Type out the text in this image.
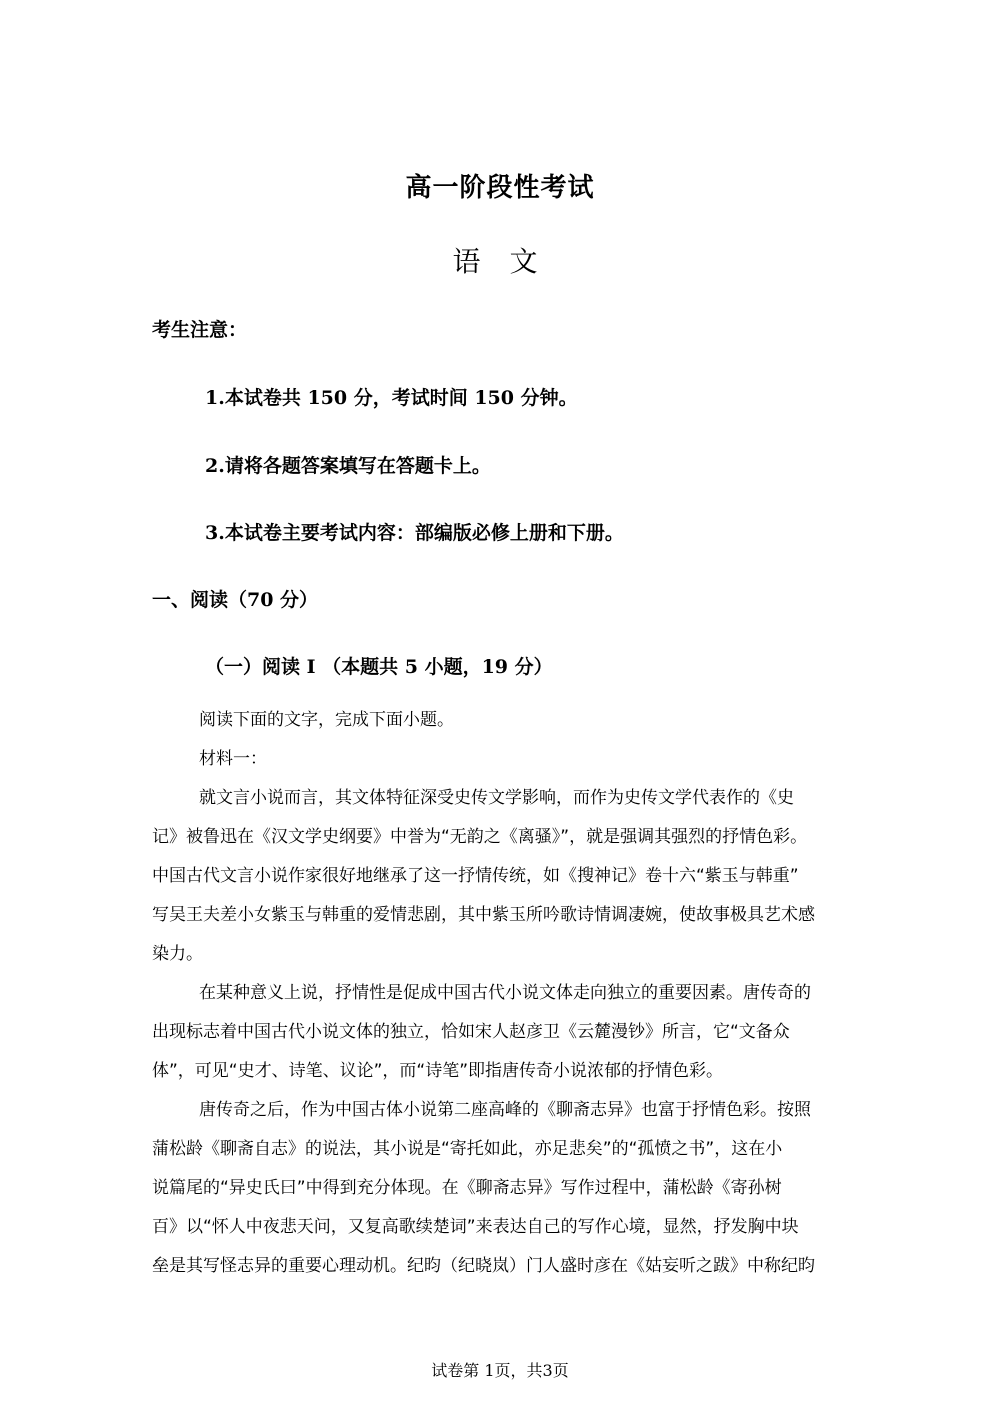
高一阶段性考试
语 文
考生注意：
1.本试卷共 150 分，考试时间 150 分钟。
2.请将各题答案填写在答题卡上。
3.本试卷主要考试内容：部编版必修上册和下册。
一、阅读（70 分）
（一）阅读 I （本题共 5 小题，19 分）
阅读下面的文字，完成下面小题。
材料一：
就文言小说而言，其文体特征深受史传文学影响，而作为史传文学代表作的《史
记》被鲁迅在《汉文学史纲要》中誉为“无韵之《离骚》”，就是强调其强烈的抒情色彩。
中国古代文言小说作家很好地继承了这一抒情传统，如《搜神记》卷十六“紫玉与韩重”
写吴王夫差小女紫玉与韩重的爱情悲剧，其中紫玉所吟歌诗情调凄婉，使故事极具艺术感
染力。
在某种意义上说，抒情性是促成中国古代小说文体走向独立的重要因素。唐传奇的
出现标志着中国古代小说文体的独立，恰如宋人赵彦卫《云麓漫钞》所言，它“文备众
体”，可见“史才、诗笔、议论”，而“诗笔”即指唐传奇小说浓郁的抒情色彩。
唐传奇之后，作为中国古体小说第二座高峰的《聊斋志异》也富于抒情色彩。按照
蒲松龄《聊斋自志》的说法，其小说是“寄托如此，亦足悲矣”的“孤愤之书”，这在小
说篇尾的“异史氏曰”中得到充分体现。在《聊斋志异》写作过程中，蒲松龄《寄孙树
百》以“怀人中夜悲天问，又复高歌续楚词”来表达自己的写作心境，显然，抒发胸中块
垒是其写怪志异的重要心理动机。纪昀（纪晓岚）门人盛时彦在《姑妄听之跋》中称纪昀
试卷第 1页，共3页
